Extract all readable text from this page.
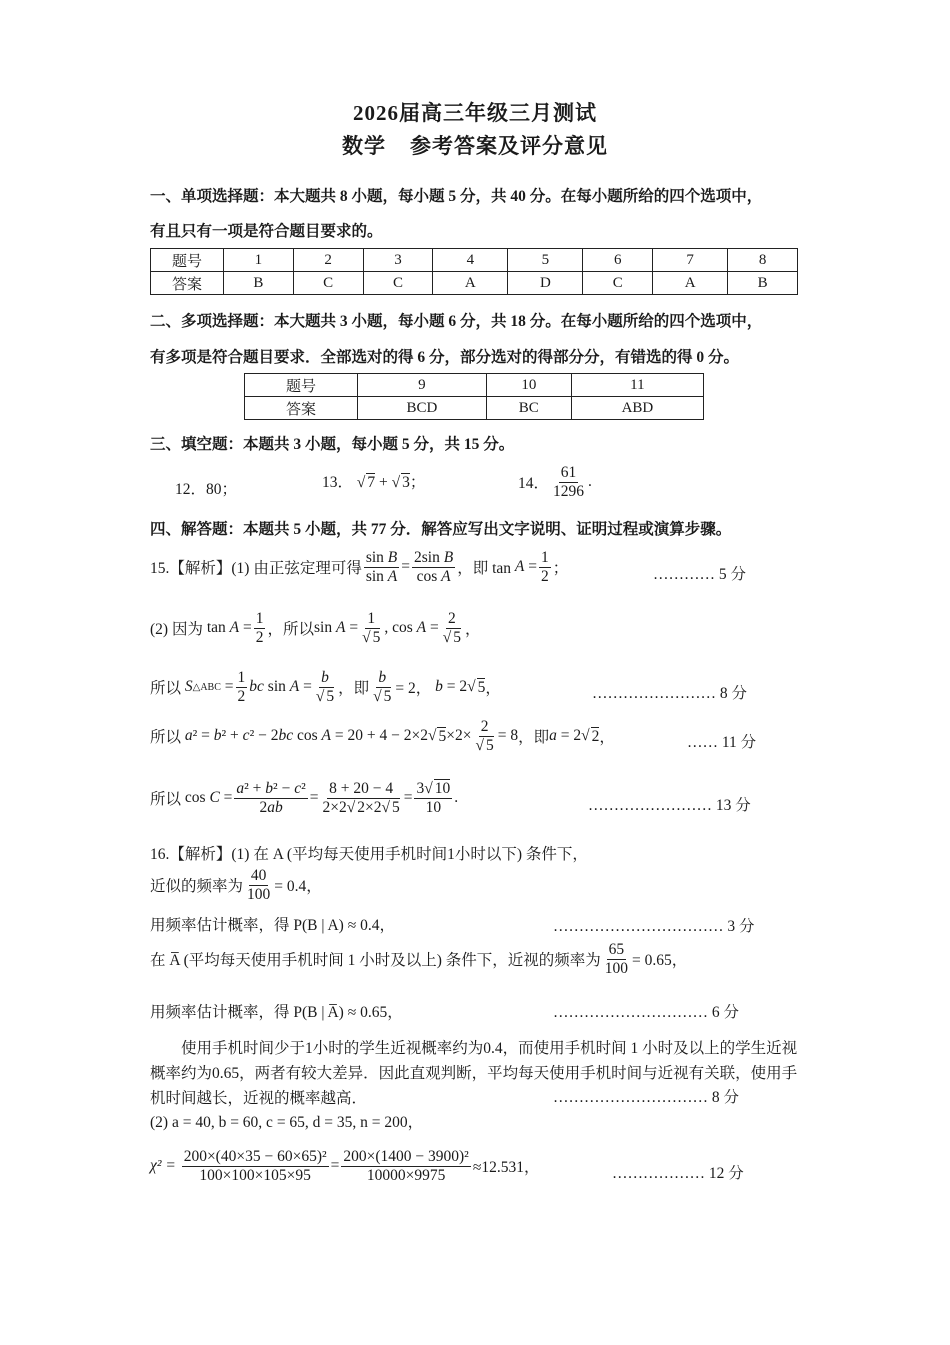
2026届高三年级三月测试
数学 参考答案及评分意见
一、单项选择题：本大题共 8 小题，每小题 5 分，共 40 分。在每小题所给的四个选项中，
有且只有一项是符合题目要求的。
题号	1	2	3	4	5	6	7	8
答案	B	C	C	A	D	C	A	B
二、多项选择题：本大题共 3 小题，每小题 6 分，共 18 分。在每小题所给的四个选项中，
有多项是符合题目要求．全部选对的得 6 分，部分选对的得部分分，有错选的得 0 分。
题号	9	10	11
答案	BCD	BC	ABD
三、填空题：本题共 3 小题，每小题 5 分，共 15 分。
12．80；	13． √ 7 + √ 3；	14． $\frac{61}{1296}$ .
四、解答题：本题共 5 小题，共 77 分．解答应写出文字说明、证明过程或演算步骤。
15.【解析】(1) 由正弦定理可得 $\frac{\text{sin B}}{\text{sin A}} = \frac{\text{2sin B}}{\text{cos A}}$ ，即 $\tan A = \frac{1}{2}$ ；	………… 5 分
(2) 因为 $\tan A = \frac{1}{2}$ ，所以 $\sin A = \frac{1}{√ 5}$ , $\cos A = \frac{2}{√ 5}$ ，
所以
S △ABC = $\frac{1}{2}$ bc $\sin A = \frac{b}{√ 5}$ ，即 $\frac{b}{√ 5} = 2$， b = 2√ 5 ，	…………………… 8 分
所以
a ² = b ² + c ² − 2 bc cos A = 20 + 4 − 2×2√ $5 \times 2\times \frac{2}{√ 5} = 8$ ，即 a = 2√ 2 ，	…… 11 分
所以 $\cos C = \frac{\text{a² + b² − c²}}{2ab} = \frac{8 + 20 - 4}{2\times 2√ 2\times 2√ 5} = \frac{3√ 10}{10}$ .	…………………… 13 分
16.【解析】(1) 在 A (平均每天使用手机时间1小时以下) 条件下，
近似的频率为 $\frac{40}{100} = 0.4$，
用频率估计概率，得 P(B | A) ≈ 0.4，	…………………………… 3 分
在 A̅ (平均每天使用手机时间 1 小时及以上) 条件下，近视的频率为 $\frac{65}{100} = 0.65$，
用频率估计概率，得 P(B | A̅) ≈ 0.65，	………………………… 6 分
使用手机时间少于1小时的学生近视概率约为0.4，而使用手机时间 1 小时及以上的学生近视概率约为0.65，两者有较大差异．因此直观判断，平均每天使用手机时间与近视有关联，使用手机时间越长，近视的概率越高．	………………………… 8 分
(2) a = 40, b = 60, c = 65, d = 35, n = 200，
χ² =
$\frac{\text{200×(40×35 − 60×65)²}}{100\times 100\times 105\times 95} = \frac{\text{200×(1400 − 3900)²}}{10000\times 9975} \approx 12.531$，	……………… 12 分
